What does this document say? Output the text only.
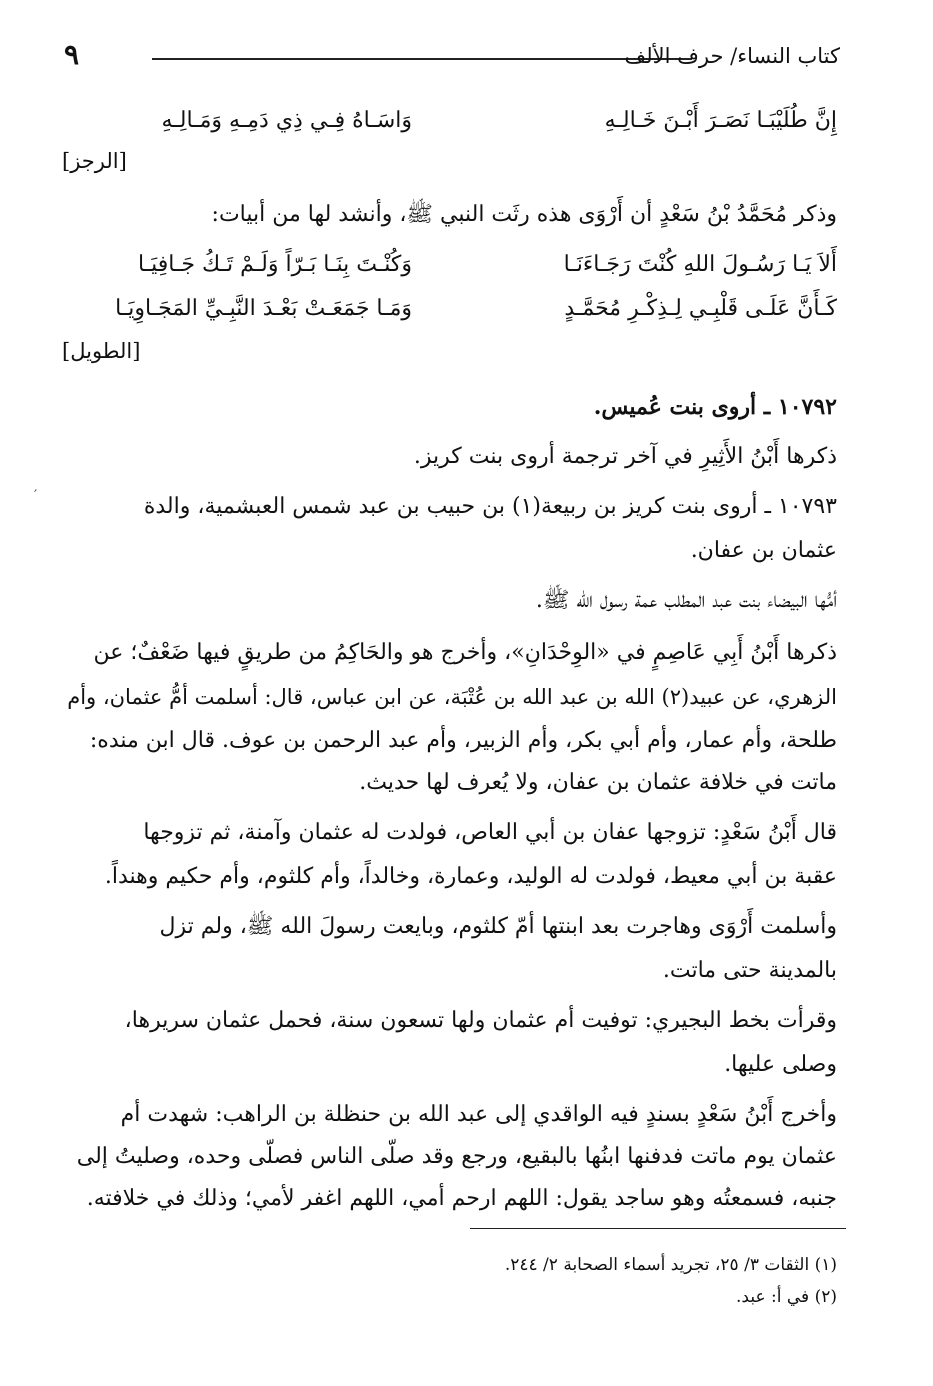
٩	كتاب النساء/ حرف الألف
إِنَّ طُلَيْبَـا نَصَـرَ أَبْـنَ خَـالِـهِ
وَاسَـاهُ فِـي ذِي دَمِـهِ وَمَـالِـهِ
[الرجز]
وذكر مُحَمَّدُ بْنُ سَعْدٍ أن أَرْوَى هذه رثَت النبي ﷺ، وأنشد لها من أبيات:
أَلاَ يَـا رَسُـولَ اللهِ كُنْتَ رَجَـاءَنَـا
وَكُنْـتَ بِنَـا بَـرّاً وَلَـمْ تَـكُ جَـافِيَـا
كَـأَنَّ عَلَـى قَلْبِـي لِـذِكْـرِ مُحَمَّـدٍ
وَمَـا جَمَعَـتْ بَعْـدَ النَّبِـيِّ المَجَـاوِيَـا
[الطويل]
١٠٧٩٢ ـ أروى بنت عُميس.
ذكرها أَبْنُ الأَثِيرِ في آخر ترجمة أروى بنت كريز.
١٠٧٩٣ ـ أروى بنت كريز بن ربيعة(١) بن حبيب بن عبد شمس العبشمية، والدة
عثمان بن عفان.
أمُّها البيضاء بنت عبد المطلب عمة رسول الله ﷺ.
ذكرها أَبْنُ أَبِي عَاصِمٍ في «الوِحْدَانِ»، وأخرج هو والحَاكِمُ من طريقٍ فيها ضَعْفٌ؛ عن
الزهري، عن عبيد(٢) الله بن عبد الله بن عُتْبَة، عن ابن عباس، قال: أسلمت أمُّ عثمان، وأم
طلحة، وأم عمار، وأم أبي بكر، وأم الزبير، وأم عبد الرحمن بن عوف. قال ابن منده:
ماتت في خلافة عثمان بن عفان، ولا يُعرف لها حديث.
قال أَبْنُ سَعْدٍ: تزوجها عفان بن أبي العاص، فولدت له عثمان وآمنة، ثم تزوجها
عقبة بن أبي معيط، فولدت له الوليد، وعمارة، وخالداً، وأم كلثوم، وأم حكيم وهنداً.
وأسلمت أَرْوَى وهاجرت بعد ابنتها أمّ كلثوم، وبايعت رسولَ الله ﷺ، ولم تزل
بالمدينة حتى ماتت.
وقرأت بخط البجيري: توفيت أم عثمان ولها تسعون سنة، فحمل عثمان سريرها،
وصلى عليها.
وأخرج أَبْنُ سَعْدٍ بسندٍ فيه الواقدي إلى عبد الله بن حنظلة بن الراهب: شهدت أم
عثمان يوم ماتت فدفنها ابنُها بالبقيع، ورجع وقد صلّى الناس فصلّى وحده، وصليتُ إلى
جنبه، فسمعتُه وهو ساجد يقول: اللهم ارحم أمي، اللهم اغفر لأمي؛ وذلك في خلافته.
(١) الثقات ٣/ ٢٥، تجريد أسماء الصحابة ٢/ ٢٤٤.
(٢) في أ: عبد.
′
